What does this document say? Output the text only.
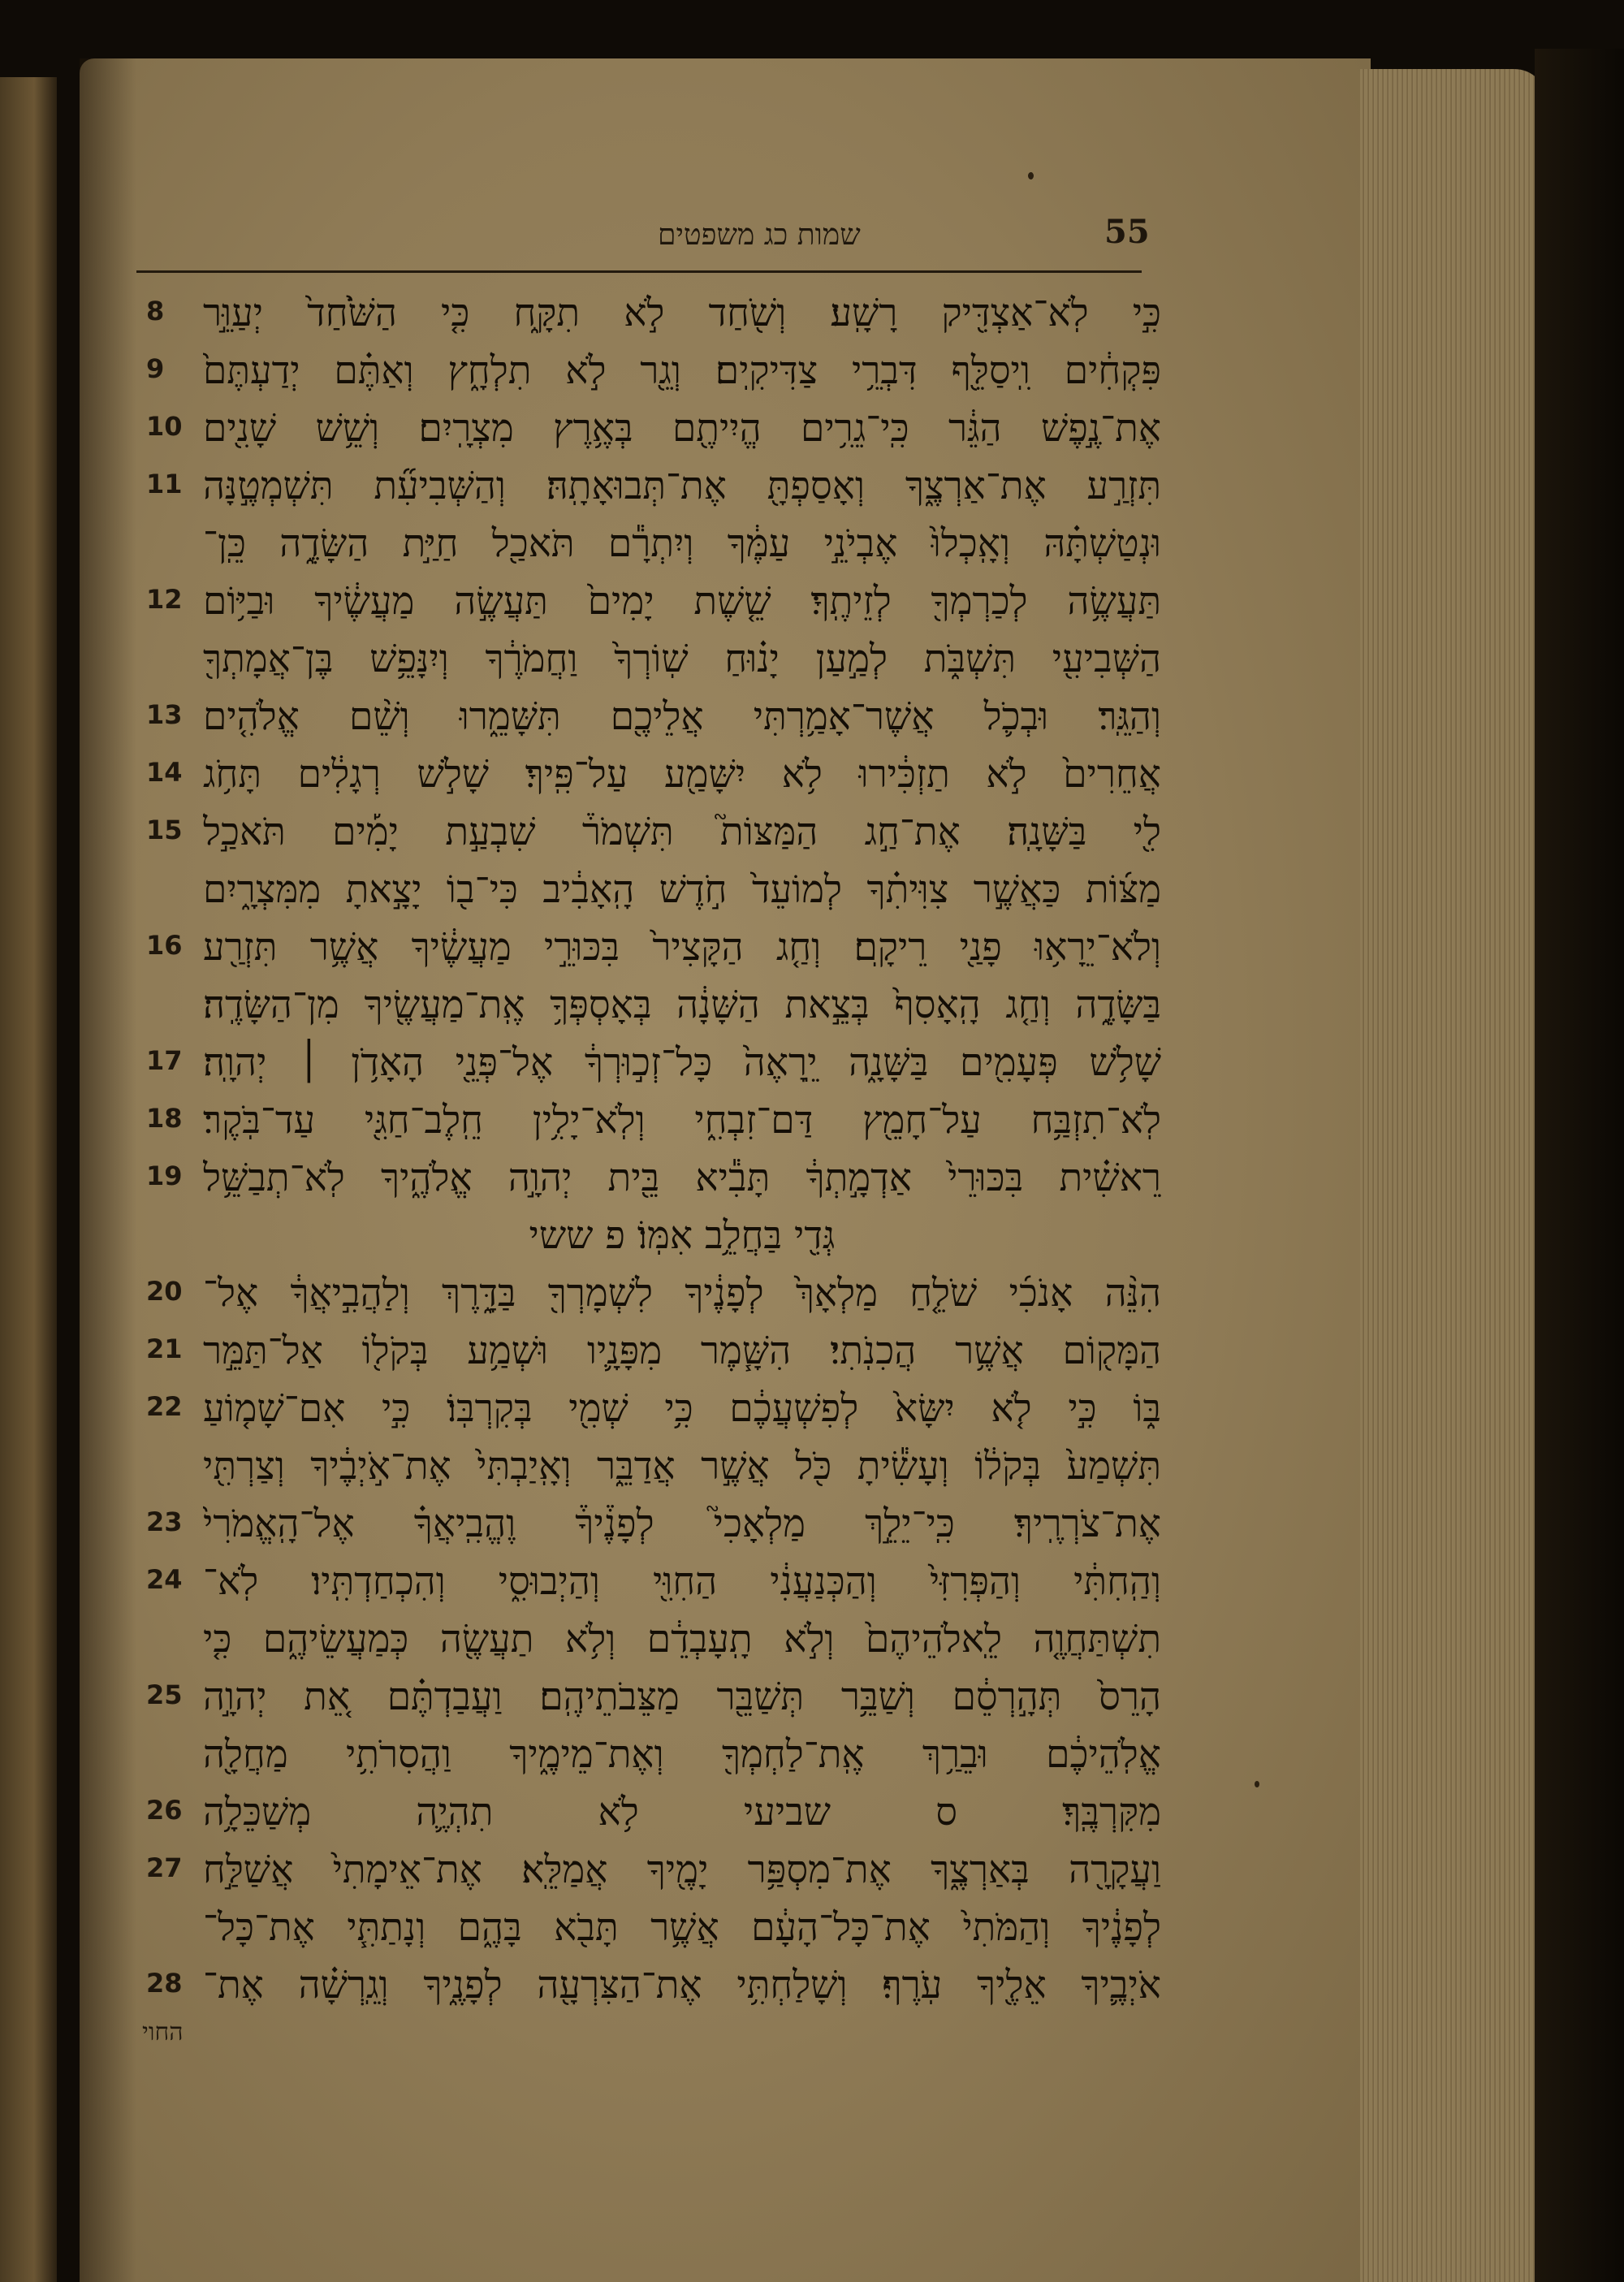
55
שמות כג משפטים
8	כִּ֣י לֹֽא־אַצְדִּ֖יק רָשָֽׁע׃ וְשֹׁ֖חַד לֹ֣א תִקָּ֑ח כִּ֤י הַשֹּׁ֙חַד֙ יְעַוֵּ֣ר
9	פִּקְחִ֔ים וִֽיסַלֵּ֖ף דִּבְרֵ֥י צַדִּיקִֽים׃ וְגֵ֖ר לֹ֣א תִלְחָ֑ץ וְאַתֶּ֗ם יְדַעְתֶּם֙
10 אֶת־נֶ֣פֶשׁ הַגֵּ֔ר כִּֽי־גֵרִ֥ים הֱיִיתֶ֖ם בְּאֶ֥רֶץ מִצְרָֽיִם׃ וְשֵׁ֥שׁ שָׁנִ֖ים
11 תִּזְרַ֣ע אֶת־אַרְצֶ֑ךָ וְאָסַפְתָּ֖ אֶת־תְּבוּאָתָֽהּ׃ וְהַשְּׁבִיעִ֞ת תִּשְׁמְטֶ֣נָּה
וּנְטַשְׁתָּ֗הּ וְאָֽכְלוּ֙ אֶבְיֹנֵ֣י עַמֶּ֔ךָ וְיִתְרָ֕ם תֹּאכַ֖ל חַיַּ֣ת הַשָּׂדֶ֑ה כֵּֽן־
12 תַּעֲשֶׂ֥ה לְכַרְמְךָ֖ לְזֵיתֶֽךָ׃ שֵׁ֤שֶׁת יָמִים֙ תַּעֲשֶׂ֣ה מַעֲשֶׂ֔יךָ וּבַיּ֥וֹם
הַשְּׁבִיעִ֖י תִּשְׁבֹּ֑ת לְמַ֣עַן יָנ֗וּחַ שֽׁוֹרְךָ֙ וַחֲמֹרֶ֔ךָ וְיִנָּפֵ֥שׁ בֶּן־אֲמָתְךָ֖
13 וְהַגֵּֽר׃ וּבְכֹ֛ל אֲשֶׁר־אָמַ֥רְתִּי אֲלֵיכֶ֖ם תִּשָּׁמֵ֑רוּ וְשֵׁ֨ם אֱלֹהִ֤ים
14 אֲחֵרִים֙ לֹ֣א תַזְכִּ֔ירוּ לֹ֥א יִשָּׁמַ֖ע עַל־פִּֽיךָ׃ שָׁלֹ֣שׁ רְגָלִ֔ים תָּחֹ֥ג
15 לִ֖י בַּשָּׁנָֽה׃ אֶת־חַ֣ג הַמַּצּוֹת֮ תִּשְׁמֹר֒ שִׁבְעַ֣ת יָמִ֡ים תֹּאכַ֣ל
מַצּ֜וֹת כַּאֲשֶׁ֣ר צִוִּיתִ֗ךָ לְמוֹעֵד֙ חֹ֣דֶשׁ הָֽאָבִ֔יב כִּי־ב֖וֹ יָצָ֣אתָ מִמִּצְרָ֑יִם
16 וְלֹא־יֵרָא֥וּ פָנַ֖י רֵיקָֽם׃ וְחַ֤ג הַקָּצִיר֙ בִּכּוּרֵ֣י מַעֲשֶׂ֔יךָ אֲשֶׁ֥ר תִּזְרַ֖ע
בַּשָּׂדֶ֑ה וְחַ֤ג הָֽאָסִף֙ בְּצֵ֣את הַשָּׁנָ֔ה בְּאָסְפְּךָ֥ אֶֽת־מַעֲשֶׂ֖יךָ מִן־הַשָּׂדֶֽה׃
17 שָׁלֹ֥שׁ פְּעָמִ֖ים בַּשָּׁנָ֑ה יֵֽרָאֶה֙ כָּל־זְכ֣וּרְךָ֔ אֶל־פְּנֵ֖י הָאָדֹ֥ן ׀ יְהוָֽה׃
18 לֹֽא־תִזְבַּ֥ח עַל־חָמֵ֖ץ דַּם־זִבְחִ֑י וְלֹֽא־יָלִ֥ין חֵֽלֶב־חַגִּ֖י עַד־בֹּֽקֶר׃
19 רֵאשִׁ֗ית בִּכּוּרֵי֙ אַדְמָ֣תְךָ֔ תָּבִ֕יא בֵּ֖ית יְהוָ֣ה אֱלֹהֶ֑יךָ לֹֽא־תְבַשֵּׁ֥ל
גְּדִ֖י בַּחֲלֵ֥ב אִמּֽוֹ׃ פ ששי
20 הִנֵּ֨ה אָנֹכִ֜י שֹׁלֵ֤חַ מַלְאָךְ֙ לְפָנֶ֔יךָ לִשְׁמָרְךָ֖ בַּדָּ֑רֶךְ וְלַהֲבִ֣יאֲךָ֔ אֶל־
21 הַמָּק֖וֹם אֲשֶׁ֥ר הֲכִנֹֽתִי׃ הִשָּׁ֧מֶר מִפָּנָ֛יו וּשְׁמַ֥ע בְּקֹל֖וֹ אַל־תַּמֵּ֣ר
22 בּ֑וֹ כִּ֣י לֹ֤א יִשָּׂא֙ לְפִשְׁעֲכֶ֔ם כִּ֥י שְׁמִ֖י בְּקִרְבּֽוֹ׃ כִּ֣י אִם־שָׁמ֤וֹעַ
תִּשְׁמַע֙ בְּקֹל֔וֹ וְעָשִׂ֕יתָ כֹּ֖ל אֲשֶׁ֣ר אֲדַבֵּ֑ר וְאָֽיַבְתִּי֙ אֶת־אֹ֣יְבֶ֔יךָ וְצַרְתִּ֖י
23 אֶת־צֹרְרֶֽיךָ׃ כִּֽי־יֵלֵ֣ךְ מַלְאָכִי֮ לְפָנֶ֒יךָ֒ וֶהֱבִֽיאֲךָ֗ אֶל־הָֽאֱמֹרִי֙
24 וְהַֽחִתִּ֔י וְהַפְּרִזִּי֙ וְהַכְּנַעֲנִ֔י הַחִוִּ֖י וְהַיְבוּסִ֑י וְהִכְחַדְתִּֽיו׃ לֹֽא־
תִשְׁתַּחֲוֶ֤ה לֵֽאלֹהֵיהֶם֙ וְלֹ֣א תָֽעָבְדֵ֔ם וְלֹ֥א תַעֲשֶׂ֖ה כְּמַעֲשֵׂיהֶ֑ם כִּ֤י
25 הָרֵס֙ תְּהָ֣רְסֵ֔ם וְשַׁבֵּ֥ר תְּשַׁבֵּ֖ר מַצֵּבֹתֵיהֶֽם׃ וַעֲבַדְתֶּ֗ם אֵ֚ת יְהוָ֣ה
אֱלֹֽהֵיכֶ֔ם וּבֵרַ֥ךְ אֶֽת־לַחְמְךָ֖ וְאֶת־מֵימֶ֑יךָ וַהֲסִרֹתִ֥י מַחֲלָ֖ה
26 מִקִּרְבֶּֽךָ׃ ס שביעי לֹ֥א תִהְיֶ֛ה מְשַׁכֵּלָ֥ה
27 וַעֲקָרָ֖ה בְּאַרְצֶ֑ךָ אֶת־מִסְפַּ֥ר יָמֶ֖יךָ אֲמַלֵּֽא׃ אֶת־אֵימָתִי֙ אֲשַׁלַּ֣ח
לְפָנֶ֔יךָ וְהַמֹּתִי֙ אֶת־כָּל־הָעָ֔ם אֲשֶׁ֥ר תָּבֹ֖א בָּהֶ֑ם וְנָתַתִּ֧י אֶת־כָּל־
28 אֹיְבֶ֛יךָ אֵלֶ֖יךָ עֹֽרֶף׃ וְשָׁלַחְתִּ֥י אֶת־הַצִּרְעָ֖ה לְפָנֶ֑יךָ וְגֵֽרְשָׁ֗ה אֶת־
החוי
